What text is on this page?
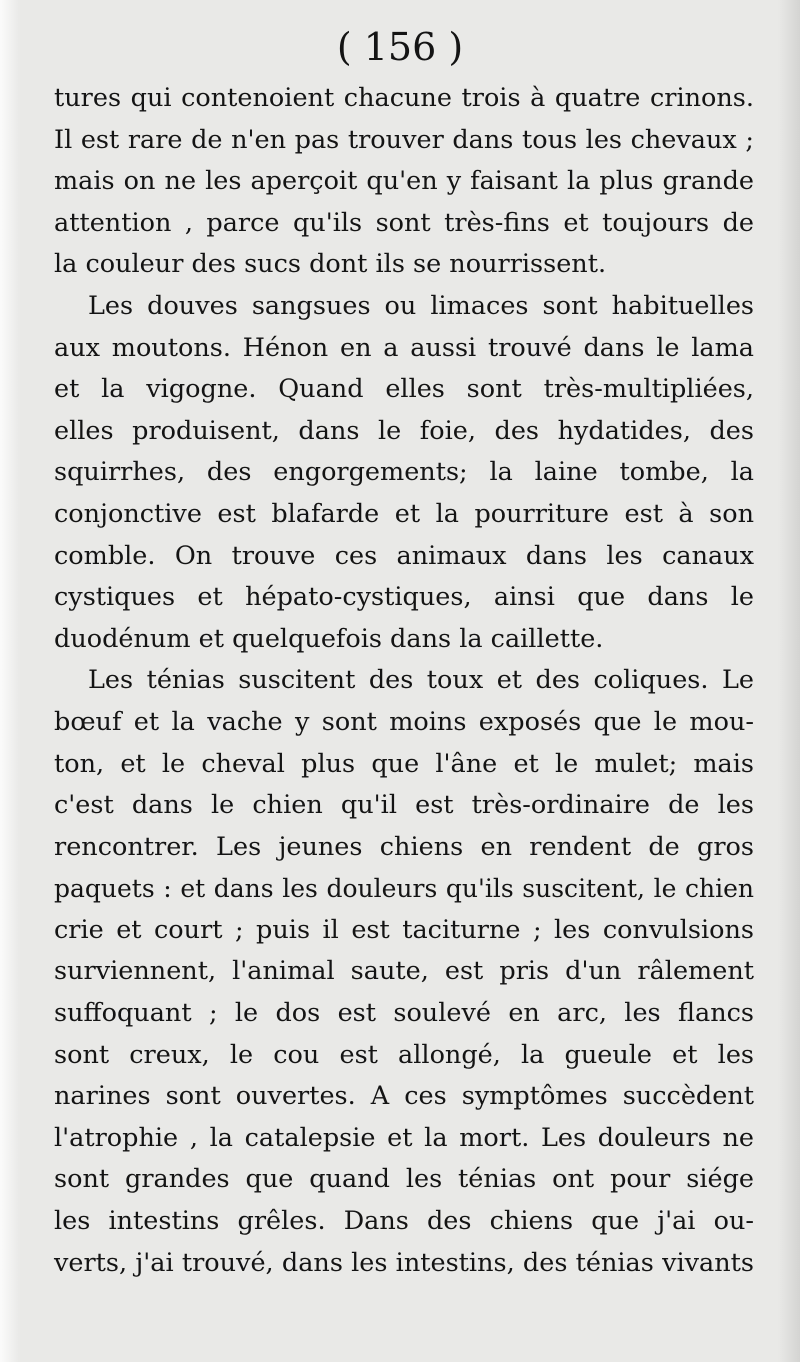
( 156 )
tures qui contenoient chacune trois à quatre crinons.
Il est rare de n'en pas trouver dans tous les chevaux ;
mais on ne les aperçoit qu'en y faisant la plus grande
attention , parce qu'ils sont très-fins et toujours de
la couleur des sucs dont ils se nourrissent.
Les douves sangsues ou limaces sont habituelles
aux moutons. Hénon en a aussi trouvé dans le lama
et la vigogne. Quand elles sont très-multipliées,
elles produisent, dans le foie, des hydatides, des
squirrhes, des engorgements; la laine tombe, la
conjonctive est blafarde et la pourriture est à son
comble. On trouve ces animaux dans les canaux
cystiques et hépato-cystiques, ainsi que dans le
duodénum et quelquefois dans la caillette.
Les ténias suscitent des toux et des coliques. Le
bœuf et la vache y sont moins exposés que le mou-
ton, et le cheval plus que l'âne et le mulet; mais
c'est dans le chien qu'il est très-ordinaire de les
rencontrer. Les jeunes chiens en rendent de gros
paquets : et dans les douleurs qu'ils suscitent, le chien
crie et court ; puis il est taciturne ; les convulsions
surviennent, l'animal saute, est pris d'un râlement
suffoquant ; le dos est soulevé en arc, les flancs
sont creux, le cou est allongé, la gueule et les
narines sont ouvertes. A ces symptômes succèdent
l'atrophie , la catalepsie et la mort. Les douleurs ne
sont grandes que quand les ténias ont pour siége
les intestins grêles. Dans des chiens que j'ai ou-
verts, j'ai trouvé, dans les intestins, des ténias vivants
